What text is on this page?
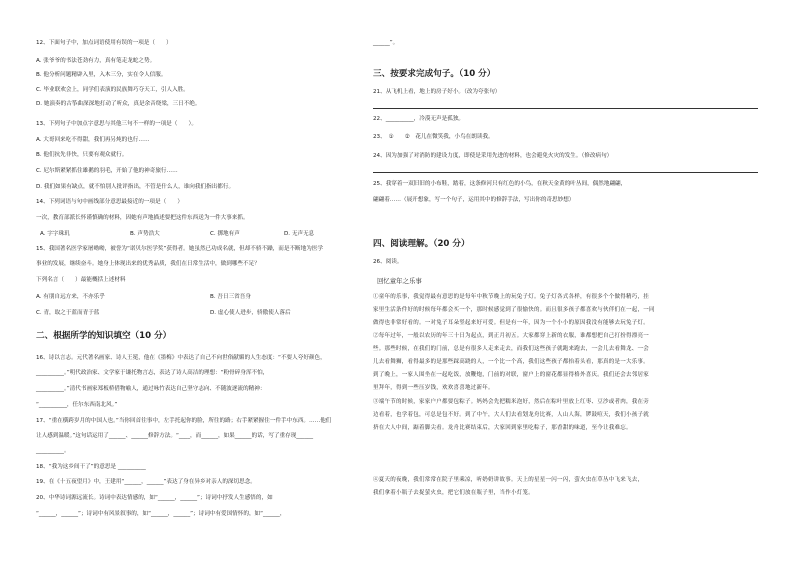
12、下面句子中，加点词语使用有误的一项是（　　）
A. 张爷爷的书法苍劲有力，真有笔走龙蛇之势。
B. 他分析问题精辟入里，入木三分，实在令人信服。
C. 毕业联欢会上，同学们表演的民族舞巧夺天工，引人入胜。
D. 她演奏的古筝曲深深地打动了听众，真是余音绕梁，三日不绝。
13、下列句子中加点字意思与其他三句不一样的一项是（　　）。
A. 大哥回来吃不得甜，我们再另炖的也行……
B. 他们抗先非快，只要有观众就行。
C. 尼尔斯紧紧抓住雄鹅的羽毛，开始了他的神奇旅行……
D. 我们如果有缺点，就不怕别人批评指出，不管是什么人，谁向我们指出都行。
14、下列词语与句中画线部分意思最接近的一项是（　　）
一次，教育部派长怀谨慎确的材料，因她有声地描述要把这件东西送为一件大事来抓。
A. 字字珠玑	B. 声势浩大	C. 掷地有声	D. 无声无息
15、我国著名医学家屠呦呦，被誉为“诺贝尔医学奖”获得者。她虽然已功成名就，但却不骄不躁，而是不断地为医学
事业的发展，继续奋斗。她身上体现出来的优秀品质，我们在日常生活中，做到哪些不足？
下列名言（　　）最能概括上述材料
A. 有朋自远方来，不亦乐乎	B. 吾日三省吾身
C. 青，取之于蓝而青于蓝	D. 虚心使人进步，骄傲使人落后
二、根据所学的知识填空（10 分）
16、诗以言志。元代著名画家、诗人王冕，他在《墨梅》中表达了自己不向世俗献媚的人生态度：“不要人夸好颜色，
__________。”明代政治家、文学家于谦托物言志，表达了诗人高洁的理想：“粉骨碎身浑不怕，
__________。”清代书画家郑板桥借物喻人，通过咏竹表达自己坚守志向、不随波逐流的精神：
“__________，任尔东西南北风。”
17、“重在横跨岁月的中国人也。”当你回首往事中，左手托起你的脸，所往的路；右手紧紧握住一件手中东西。……他们
让人感到温暖。”这句话运用了______、______修辞方法。“____，而______，如果______的话，写了重存现______
__________。
18、“我为这乡间干了”的意思是 __________
19、在《十五夜望月》中，王建用“______，______”表达了身在异乡对亲人的深切思念。
20、中华诗词源远流长。诗词中表达情感的，如“______，______”；诗词中抒发人生感悟的，如
“______，______”；诗词中有风景叙事的，如“______，______”；诗词中有爱国情怀的，如“______，
______”。
三、按要求完成句子。（10 分）
21、从飞机上看，地上的房子好小。（改为夸张句）
22、__________，冷漠无声是孤独。
23、　①　　②　花儿在微笑我，小鸟在朗读我。
24、因为加强了对消防的建设力度，即使是采用先进的材料，也会避免火灾的发生。（修改病句）
25、我穿着一双旧旧的小布鞋，踏着，这条修河只有红色的小鸟，在秋天金黄的叶丛间，偶然地翩翩，
翩翩着……（展开想象，写一个句子，运用其中的修辞手法，写出你的奇思妙想）
四、阅读理解。（20 分）
26、阅读。
回忆童年之乐事
①童年的乐事，我觉得最有意思的是每年中秋节晚上的玩兔子灯。兔子灯各式各样，有很多个个做得精巧，挂
家里生活条件好的时候每年都会买一个，那时候感觉到了很愉快的。而且很多孩子都喜欢与伙伴们在一起，一同
做得也非常好看的。一对兔子耳朵竖起来好可爱。但是有一年，因为一个小小的原因我没有能够去玩兔子灯。
②每年过年，一般以农历的年三十日为起点，到正月初五。大家都穿上新的衣服，谁都想把自己打扮得漂亮一
些。那些时候，在我们的门前，总是有很多人走来走去，而我们这些孩子就跑来跑去，一会儿去看舞龙、一会
儿去看舞狮，看得最多的是那些踩高跷的人，一个比一个高，我们这些孩子都抬着头看，那真的是一大乐事。
到了晚上，一家人围坐在一起吃饭，放鞭炮，门前的对联，窗户上的窗花都显得格外喜庆。我们还会去邻居家
里拜年，得到一些压岁钱，欢欢喜喜地过新年。
③端午节的时候，家家户户都要包粽子。妈妈会先把糯米泡好，然后在粽叶里放上红枣、豆沙或者肉，我在旁
边看着，也学着包，可总是包不好。到了中午，大人们去看划龙舟比赛，人山人海，锣鼓喧天，我们小孩子就
挤在大人中间，踮着脚尖看。龙舟比赛结束后，大家回到家里吃粽子，那香甜的味道，至今让我难忘。
④夏天的夜晚，我们常常在院子里乘凉，听奶奶讲故事。天上的星星一闪一闪，萤火虫在草丛中飞来飞去，
我们拿着小瓶子去捉萤火虫，把它们放在瓶子里，当作小灯笼。
